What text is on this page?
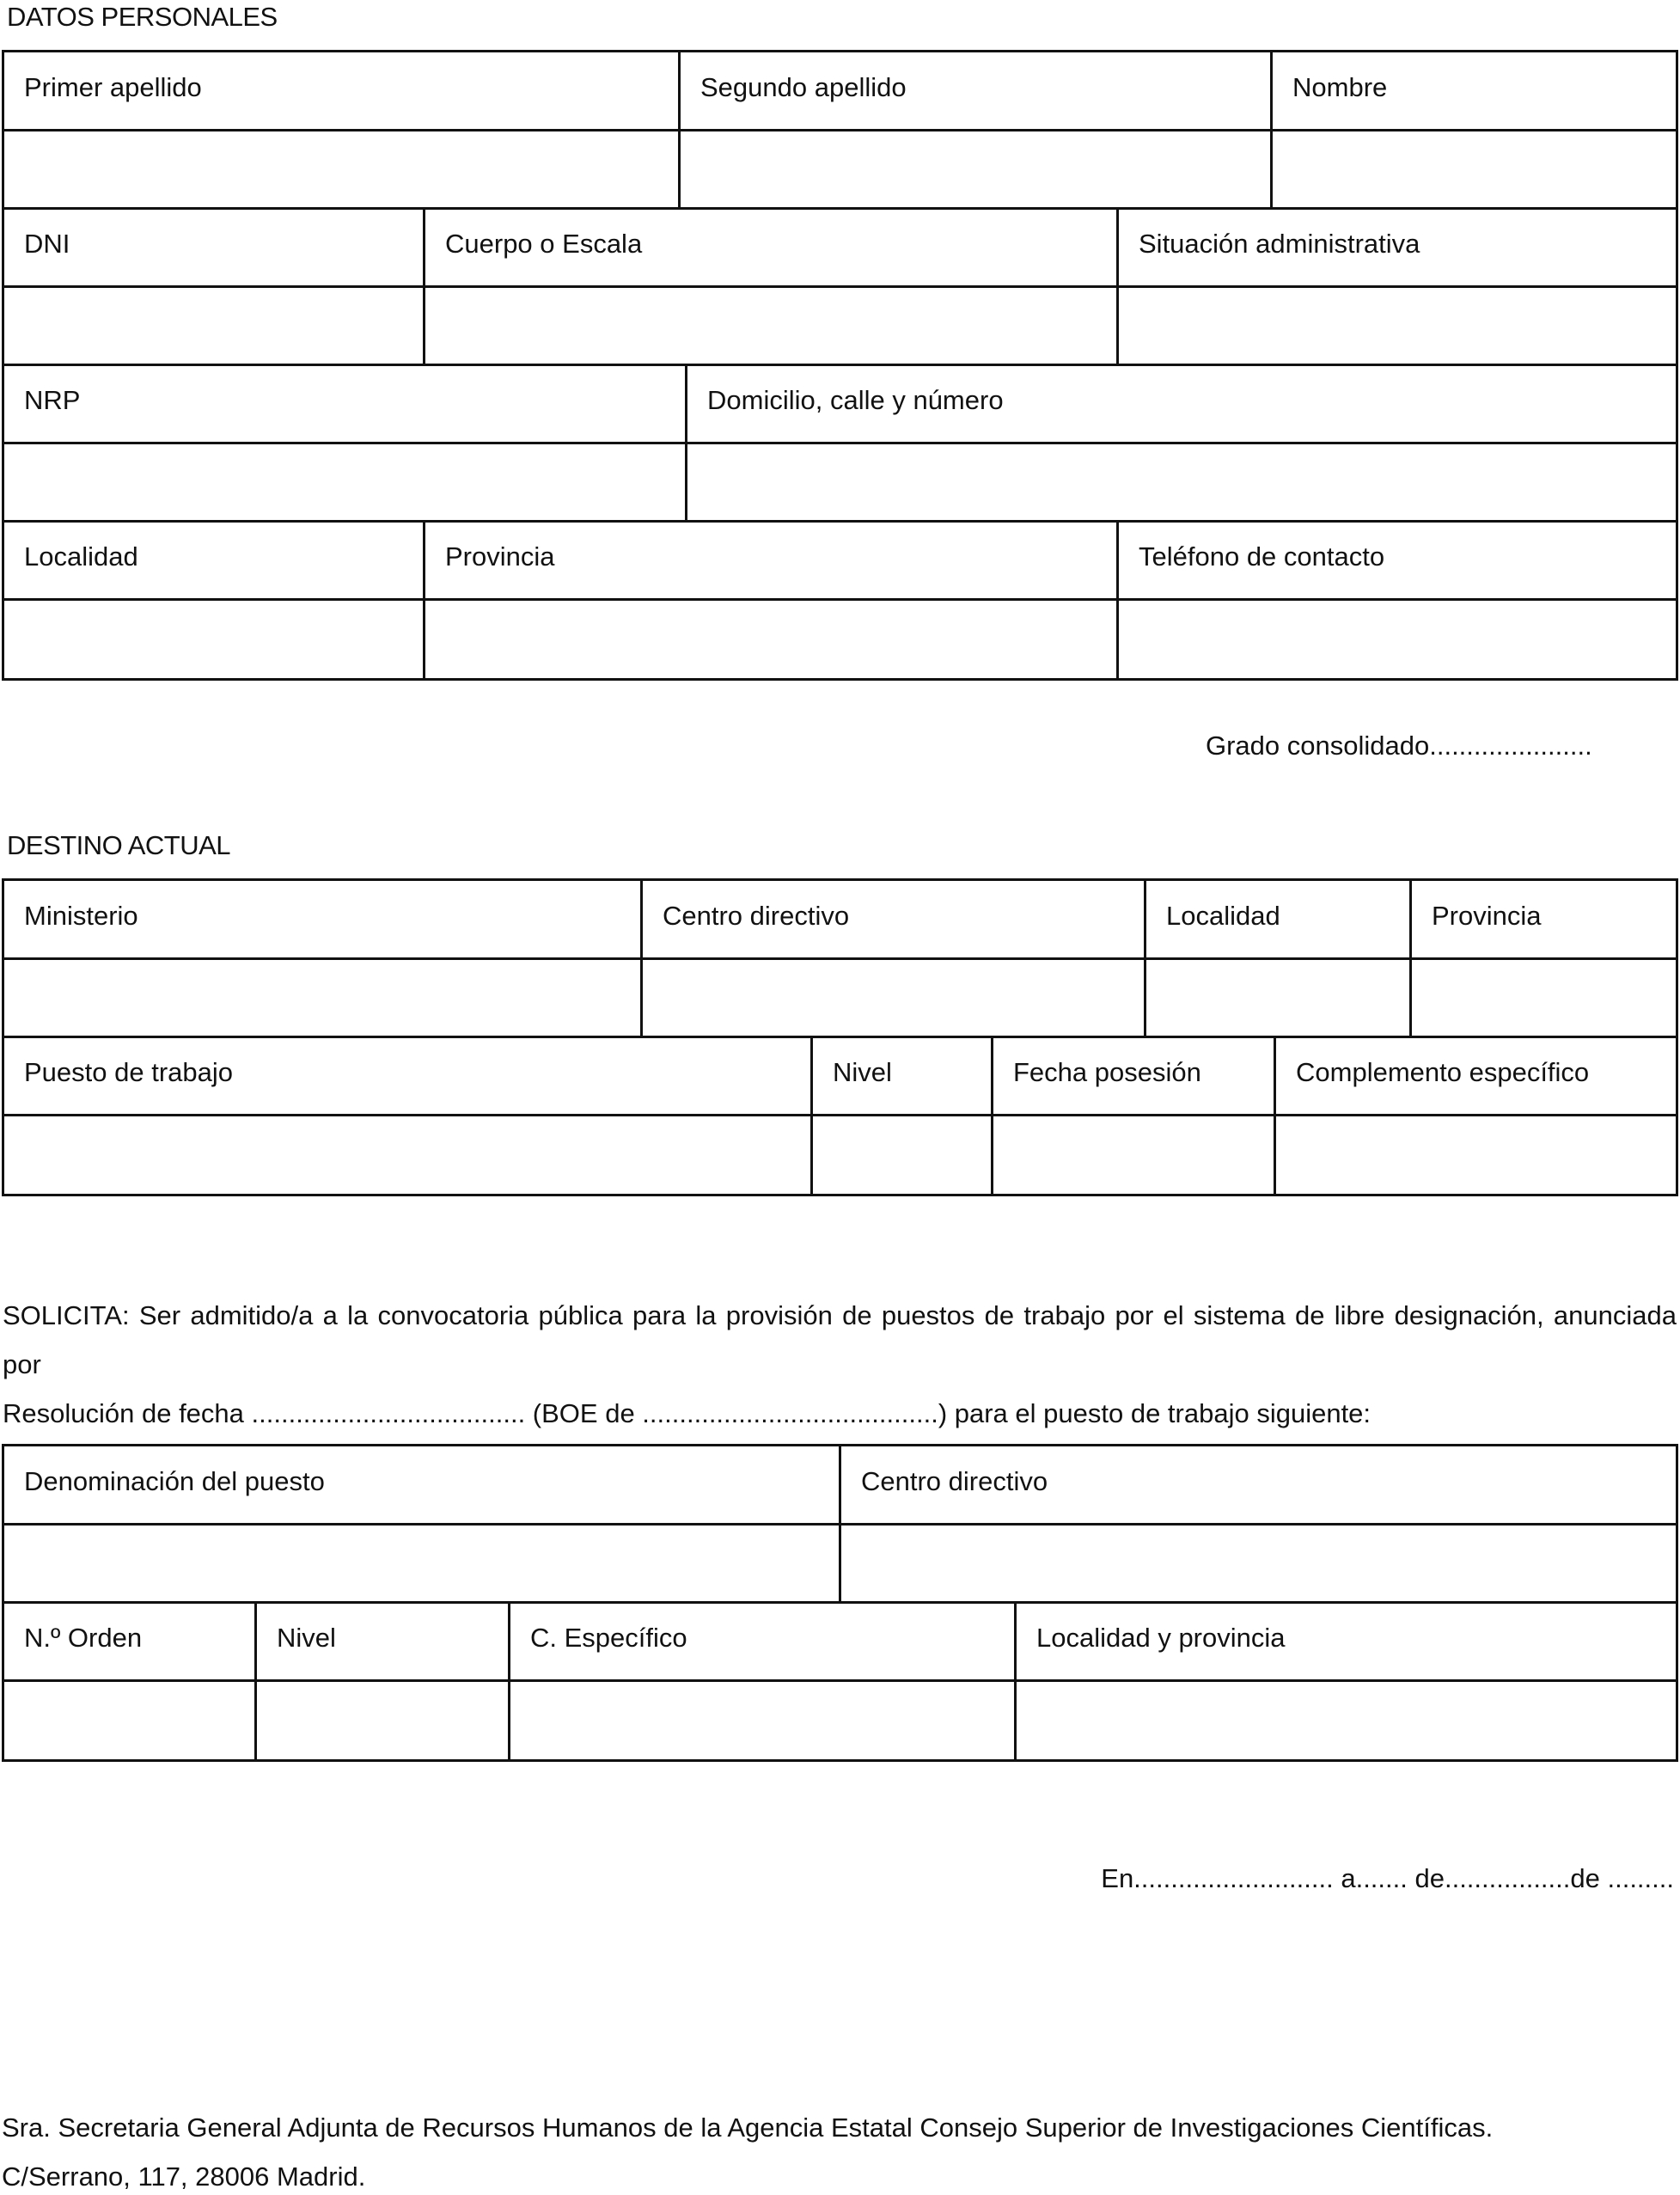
DATOS PERSONALES
Primer apellido	Segundo apellido	Nombre
DNI	Cuerpo o Escala	Situación administrativa
NRP	Domicilio, calle y número
Localidad	Provincia	Teléfono de contacto
Grado consolidado......................
DESTINO ACTUAL
Ministerio	Centro directivo	Localidad	Provincia
Puesto de trabajo	Nivel	Fecha posesión	Complemento específico
SOLICITA: Ser admitido/a a la convocatoria pública para la provisión de puestos de trabajo por el sistema de libre designación, anunciada por
Resolución de fecha ..................................... (BOE de ........................................) para el puesto de trabajo siguiente:
Denominación del puesto	Centro directivo
N.º Orden	Nivel	C. Específico	Localidad y provincia
En........................... a....... de.................de .........
Sra. Secretaria General Adjunta de Recursos Humanos de la Agencia Estatal Consejo Superior de Investigaciones Científicas.
C/Serrano, 117, 28006 Madrid.
